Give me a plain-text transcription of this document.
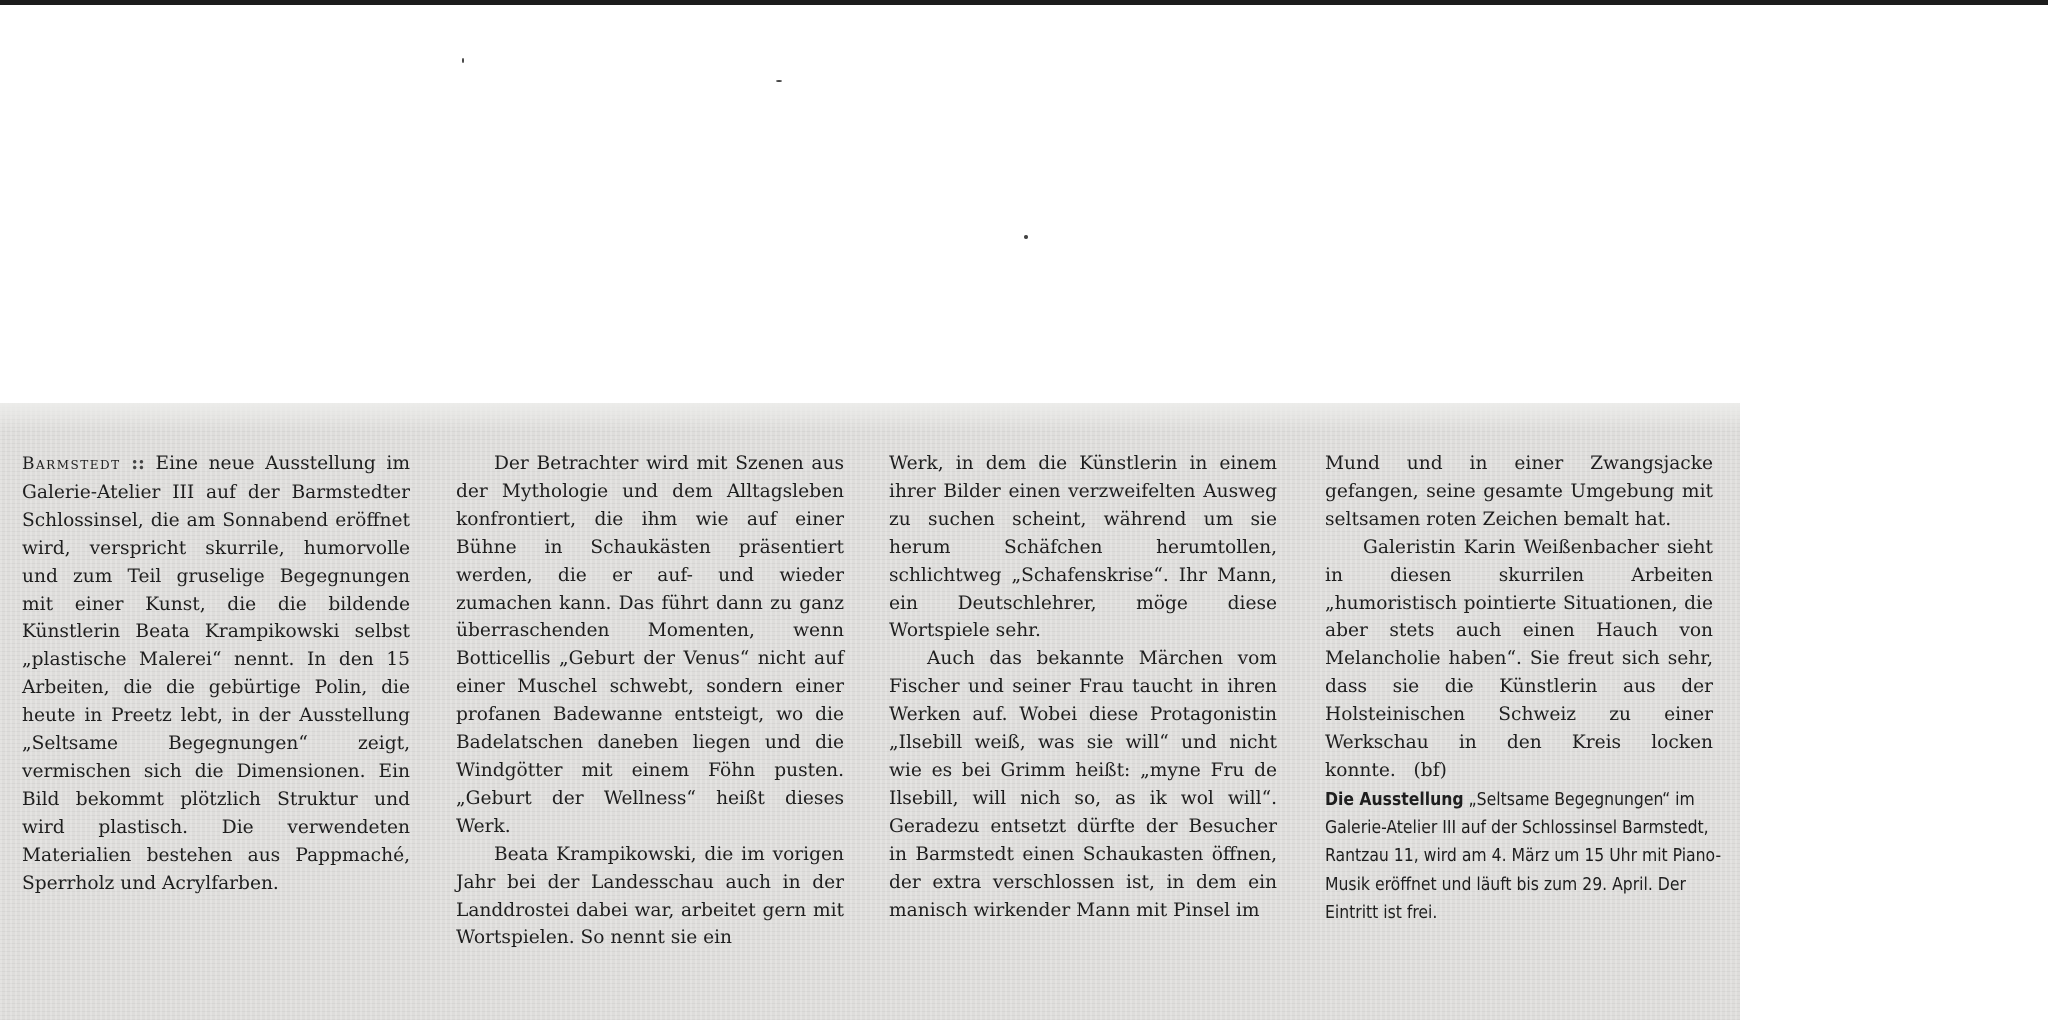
Barmstedt :: Eine neue Ausstellung im Galerie-Atelier III auf der Barmstedter Schlossinsel, die am Sonnabend eröffnet wird, verspricht skurrile, humorvolle und zum Teil gruselige Begegnungen mit einer Kunst, die die bildende Künstlerin Beata Krampikowski selbst „plastische Malerei“ nennt. In den 15 Arbeiten, die die gebürtige Polin, die heute in Preetz lebt, in der Ausstellung „Seltsame Begegnungen“ zeigt, vermischen sich die Dimensionen. Ein Bild bekommt plötzlich Struktur und wird plastisch. Die verwendeten Materialien bestehen aus Pappmaché, Sperrholz und Acrylfarben.

Der Betrachter wird mit Szenen aus der Mythologie und dem Alltagsleben konfrontiert, die ihm wie auf einer Bühne in Schaukästen präsentiert werden, die er auf- und wieder zumachen kann. Das führt dann zu ganz überraschenden Momenten, wenn Botticellis „Geburt der Venus“ nicht auf einer Muschel schwebt, sondern einer profanen Badewanne entsteigt, wo die Badelatschen daneben liegen und die Windgötter mit einem Föhn pusten. „Geburt der Wellness“ heißt dieses Werk.

Beata Krampikowski, die im vorigen Jahr bei der Landesschau auch in der Landdrostei dabei war, arbeitet gern mit Wortspielen. So nennt sie ein

Werk, in dem die Künstlerin in einem ihrer Bilder einen verzweifelten Ausweg zu suchen scheint, während um sie herum Schäfchen herumtollen, schlichtweg „Schafenskrise“. Ihr Mann, ein Deutschlehrer, möge diese Wortspiele sehr.

Auch das bekannte Märchen vom Fischer und seiner Frau taucht in ihren Werken auf. Wobei diese Protagonistin „Ilsebill weiß, was sie will“ und nicht wie es bei Grimm heißt: „myne Fru de Ilsebill, will nich so, as ik wol will“. Geradezu entsetzt dürfte der Besucher in Barmstedt einen Schaukasten öffnen, der extra verschlossen ist, in dem ein manisch wirkender Mann mit Pinsel im

Mund und in einer Zwangsjacke gefangen, seine gesamte Umgebung mit seltsamen roten Zeichen bemalt hat.

Galeristin Karin Weißenbacher sieht in diesen skurrilen Arbeiten „humoristisch pointierte Situationen, die aber stets auch einen Hauch von Melancholie haben“. Sie freut sich sehr, dass sie die Künstlerin aus der Holsteinischen Schweiz zu einer Werkschau in den Kreis locken konnte. (bf)

Die Ausstellung „Seltsame Begegnungen“ im Galerie-Atelier III auf der Schlossinsel Barmstedt, Rantzau 11, wird am 4. März um 15 Uhr mit Piano-Musik eröffnet und läuft bis zum 29. April. Der Eintritt ist frei.
